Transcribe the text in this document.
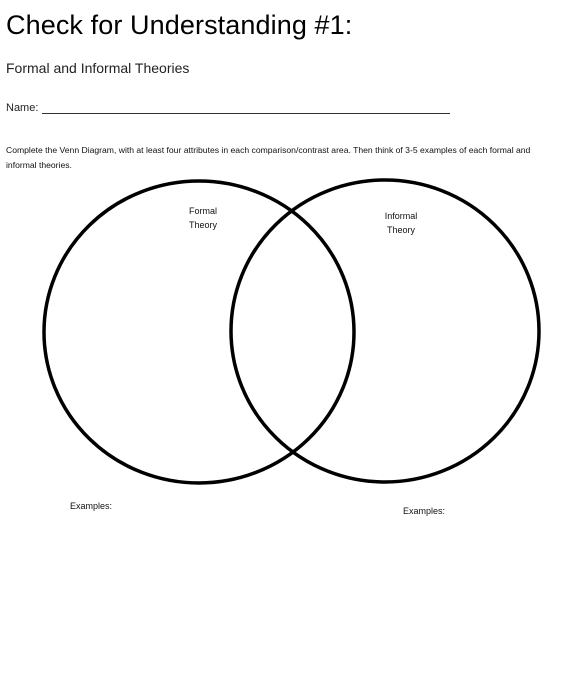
Check for Understanding #1:
Formal and Informal Theories
Name:
Complete the Venn Diagram, with at least four attributes in each comparison/contrast area. Then think of 3-5 examples of each formal and informal theories.
Formal
Theory
Informal
Theory
Examples:	Examples:
